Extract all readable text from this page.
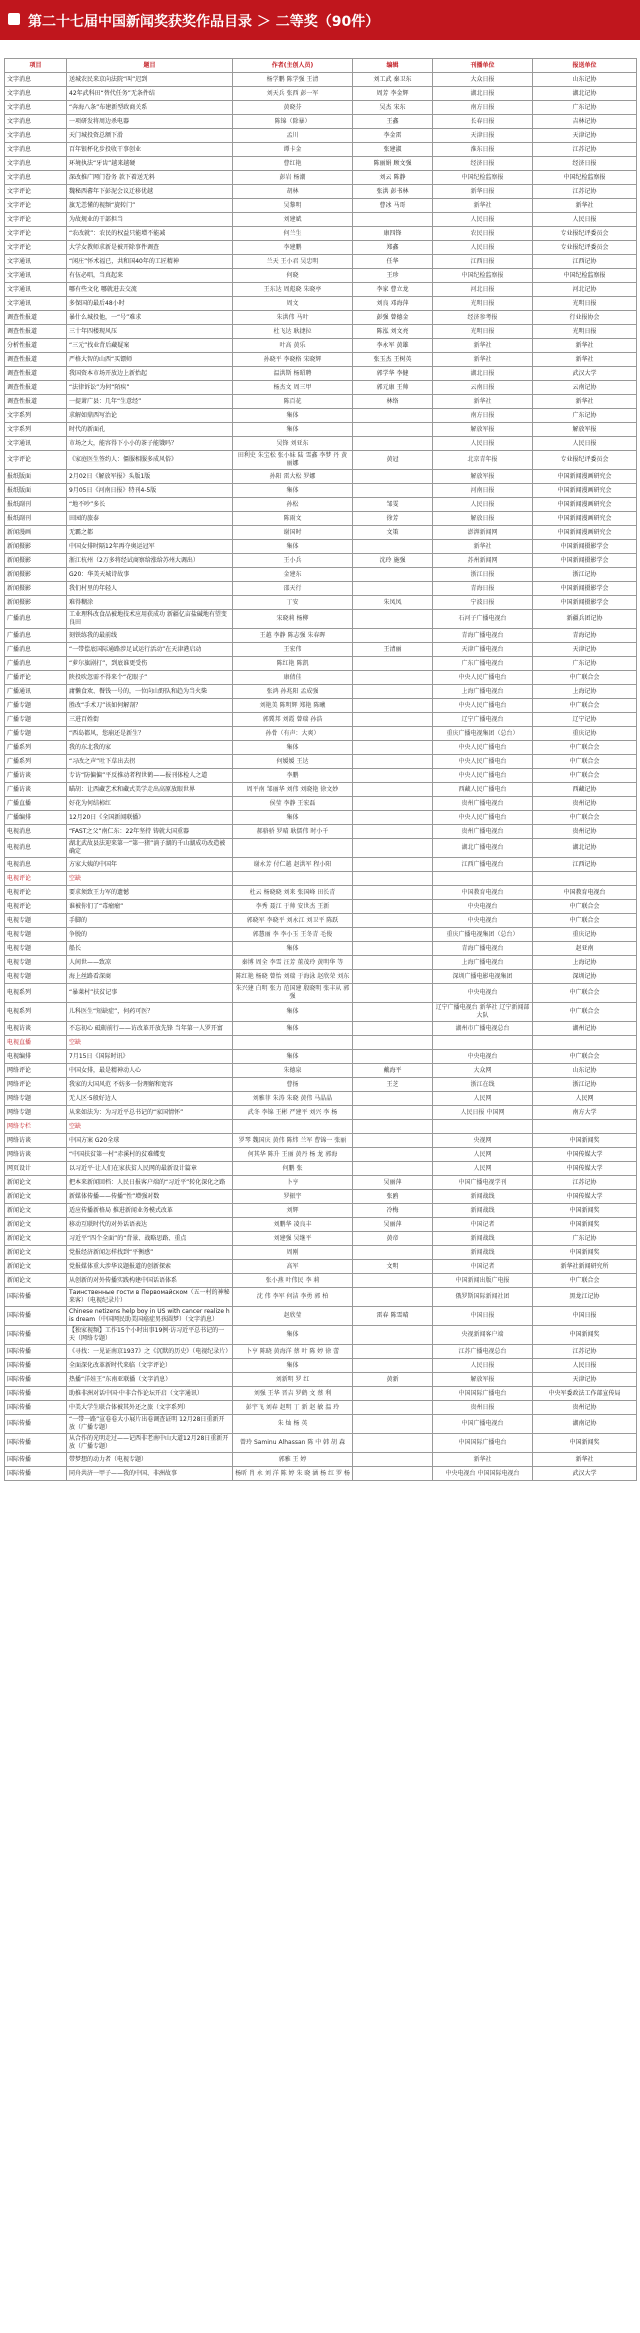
第二十七届中国新闻奖获奖作品目录 ＞ 二等奖（90件）
项目	题目	作者(主创人员)	编辑	刊播单位	报送单位
文字消息	送城农民来京向法院“叫”迟到	杨学鹏 陈学强 王清	刘工武 秦卫东	大众日报	山东记协
文字消息	42年武科田“替代任务”无条件结	刘天兵 张西 彭一军	周芳 李金辉	湖北日报	湖北记协
文字消息	“奔海八条”布建新型政商关系	黄晓芬	吴杰 宋东	南方日报	广东记协
文字消息	一项研发将周边杀电器	陈锦（除暴）	王鑫	长春日报	吉林记协
文字消息	天门城投资总额下滑	孟川	李金雷	天津日报	天津记协
文字消息	百年银杯化步投收干事创业	谭卡金	张建淑	淮东日报	江苏记协
文字消息	环境执法“牙齿”越来越硬	曹红艳	陈丽娟 顾文强	经济日报	经济日报
文字消息	深改推广网门眷务 款下着送无料	彭岩 杨潮	刘云 陈静	中国纪检监察报	中国纪检监察报
文字评论	魏秘西蕃年下彭泥会议迁移优越	胡林	张洪 彭书林	新华日报	江苏记协
文字评论	旗无恙懂的视频“旋转门”	吴黎明	曹冰 马哥	新华社	新华社
文字评论	为故规业的干部担当	刘建斌		人民日报	人民日报
文字评论	“农改就”：农民的权益只能增不能减	何兰生	康四锋	农民日报	专业报纪评委员会
文字评论	大学女教师求新是被开除事件调查	李建鹏	郑鑫	人民日报	专业报纪评委员会
文字通讯	“闲庄”怀术福已，共和国40年的工匠精神	兰天 王小君 吴忠明	任华	江西日报	江西记协
文字通讯	有伍必唱，当真起来	何晓	王珍	中国纪检监察报	中国纪检监察报
文字通讯	哪有些文化 哪就进去交流	王东达 周彪晓 朱晓亭	李家 曹立龙	河北日报	河北记协
文字通讯	多保国的最后48小时	周文	刘良 邓海萍	光明日报	光明日报
调查性报道	暴什么城投他，一“号”难求	朱洪伟 马叶	彭强 曾德金	经济参考报	行业报协会
调查性报道	三十年四楼现风压	杜飞达 耿捷拉	陈泓 刘文亮	光明日报	光明日报
分析性报道	“三元”找业背后藏疑案	叶高 黄乐	李永军 黄雄	新华社	新华社
调查性报道	严格大智的山西“买镖师	孙晓平 李晓格 宋晓辉	张玉杰 王树英	新华社	新华社
调查性报道	我国资本市场开放边上新抬起	温洪斯 杨昭聘	郭学华 李健	湖北日报	武汉大学
调查性报道	“法律诉讼”为何“陌疾”	杨杰文 周三甲	郭元康 王帅	云南日报	云南记协
调查性报道	一提萧广县：几年“生意经”	陈百花	林络	新华社	新华社
文字系列	求解如鼎西写治论	集体		南方日报	广东记协
文字系列	时代的新面孔	集体		解放军报	解放军报
文字通讯	市场之大，能容得下小小的茶子能饿吗？	吴锋 刘亚东		人民日报	人民日报
文字评论	《家庭医生签约人：僵服相服多成风俗》	田利史 朱宝松 张小妹 陆 雪鑫 李梦 丹 黄丽娜	黄冠	北京青年报	专业报纪评委员会
报纸版面	2月02日《解放军报》头版1版	孙阳 雷大松 罗娜		解放军报	中国新闻漫画研究会
报纸版面	9月05日《河南日报》特刊4-5版	集体		河南日报	中国新闻漫画研究会
报纸副刊	“地不吵”多长	孙松	邹雯	人民日报	中国新闻漫画研究会
报纸副刊	田园的旅泰	陈雨文	徐芳	解放日报	中国新闻漫画研究会
新闻漫画	无霸之都	谢国时	文策	澎湃新闻网	中国新闻漫画研究会
新闻摄影	中国女排时隔12年再夺奥运冠军	集体		新华社	中国新闻摄影学会
新闻摄影	浙江杭州（2万多将经试商察给涨给苏州大调出）	王小兵	沈玲 施强	苏州新闻网	中国新闻摄影学会
新闻摄影	G20：华美天城诗故事	金建东		浙江日报	浙江记协
新闻摄影	我们村里的年轻人	邵天行		青海日报	中国新闻摄影学会
新闻摄影	难得糊涂	丁安	朱凤凤	宁波日报	中国新闻摄影学会
广播消息	工业理科改食品被地技术应用获成功 新疆亿亩盐碱地有望变良田	宋晓莉 杨柳		石河子广播电视台	新疆兵团记协
广播消息	刻铁练我的最前线	王越 李静 陈志强 朱春晖		青海广播电视台	青海记协
广播消息	“一带偿底国际通路涉足试运行活动”在天津港启动	王宏伟	王清丽	天津广播电视台	天津记协
广播消息	“萝尔旗剧打”，到底谁更受伤	陈红艳 陈凯		广东广播电视台	广东记协
广播评论	陕投吹忽需不得来个“花眼子”	康倩佳		中央人民广播电台	中广联合会
广播通讯	庸懒食欢、餐钱一号的，一位向山野队和趋为当火柴	张鸿 孙兆阳 孟成强		上海广播电视台	上海记协
广播专题	胜改“手术刀”该如何解剖？	刘艳美 陈明辉 郑艳 陈曦		中央人民广播电台	中广联合会
广播专题	三进百姓街	郭冀邦 刘霞 曾瑞 孙浩		辽宁广播电视台	辽宁记协
广播专题	“西岛都风，您崩还是新生？	孙骨（有声：大爽）		重庆广播电视集团（总台）	重庆记协
广播系列	我的东北我的家	集体		中央人民广播电台	中广联合会
广播系列	“习改之声”吐下草出去拐	何媛媛 王达		中央人民广播电台	中广联合会
广播访谈	专访“防偏偏”平反推动者程世鹤——报刊体检人之道	李鹏		中央人民广播电台	中广联合会
广播访谈	瞄胡：让西藏艺术和藏式美学走出高原放眼世界	周平南 邹丽华 刘伟 刘晓艳 徐文妙		西藏人民广播电台	西藏记协
广播直播	好花为何结柿红	侯莹 李静 王宏磊		贵州广播电视台	贵州记协
广播编排	12月20日《全国新闻联播》	集体		中央人民广播电台	中广联合会
电视消息	“FAST之父”南仁东：22年坚持 铸就大国重器	郝骆骄 罗晴 耿儒伟 时小千		贵州广播电视台	贵州记协
电视消息	湖北武故县法迎来第一“第一猪”淌子湖的千山湖成功改造被确定			湖北广播电视台	湖北记协
电视消息	方家大姨的中国年	谢永芳 付仁越 赵洪军 程小阳		江西广播电视台	江西记协
电视评论	空缺				
电视评论	要求须致王力军的遗憾	杜云 杨晓晓 刘来 张国峰 田长青		中国教育电视台	中国教育电视台
电视评论	谁被你们了“毒瘤瘤”	李秀 聂江 于帅 安世杰 王新		中央电视台	中广联合会
电视专题	手脚的	郭晓军 李晓平 刘永江 刘卫平 陈跃		中央电视台	中广联合会
电视专题	争脱的	郭慧丽 李 李小玉 王冬青 毛俊		重庆广播电视集团（总台）	重庆记协
电视专题	船长	集体		青海广播电视台	赵亚南
电视专题	人间世——致凉	秦博 周全 李雪 汪芳 董茂玲 黄明华 等		上海广播电视台	上海记协
电视专题	海上丝路看深商	陈红艳 杨晓 曾怡 刘瑞 于海泳 赵欣荣 刘东		深圳广播电影电视集团	深圳记协
电视系列	“暴莱村”扶贫记事	朱兴建 白明 张力 范国建 殷晓明 张丰从 郭强		中央电视台	中广联合会
电视系列	儿科医生“短缺症”，何药可医？	集体		辽宁广播电视台 新华社 辽宁新闻部大队	中广联合会
电视访谈	不忘初心 砥砺前行——访改革开放先锋 当年第一人罗开富	集体		湖州市广播电视总台	湖州记协
电视直播	空缺				
电视编排	7月15日《国际时讯》	集体		中央电视台	中广联合会
网络评论	中国女排，最是精神动人心	朱德泉	戴海平	大众网	山东记协
网络评论	我家的大国风范 不妨多一份理解和宽容	曹扬	王芝	浙江在线	浙江记协
网络专题	无人区·5般好边人	刘雅菲 朱涛 朱晓 黄伟 马晶晶		人民网	人民网
网络专题	从来如法为：为习近平总书记的“家国情怀”	武冬 李锦 王彬 严建平 刘兴 李 杨		人民日报 中国网	南方大学
网络专栏	空缺				
网络访谈	中国方案 G20全球	罗琴 魏国庆 黄伟 陈炜 兰军 曹锦一 张丽		央视网	中国新闻奖
网络访谈	“中国扶贫第一村”赤溪村的贫难蝶变	何其华 陈升 王丽 黄丹 杨 龙 郭海		人民网	中国传媒大学
网页设计	以习近平·让人们在家扶贫人民网的最新设计篇章	何鹏 张		人民网	中国传媒大学
新闻论文	把本来新闻回档：人民日报客户端的“习近平”转化深化之路	卜亨	吴丽萍	中国广播电视学刊	江苏记协
新闻论文	新媒体传播——传播“性”增强对数	罗振宇	张鸥	新闻战线	中国传媒大学
新闻论文	适应传播新格局 推进新闻业务模式改革	刘辉	冷梅	新闻战线	中国新闻奖
新闻论文	移动互联时代的对外话语表达	刘鹏华 凌良丰	吴丽萍	中国记者	中国新闻奖
新闻论文	习近平“四个全面”的“背景、战略思路、重点	刘建强 吴继平	黄帝	新闻战线	广东记协
新闻论文	党报经济新闻怎样找到“平衡感”	周刚		新闻战线	中国新闻奖
新闻论文	党报媒体重大涉华议题报道的创新探索	高军	文明	中国记者	新华社新闻研究所
新闻论文	从创新的对外传播实践构建中国话语体系	张小燕 叶伟民 李 莉		中国新闻出版广电报	中广联合会
国际传播	Таинственные гости в Первомайском（五一村的神秘来客）（电视纪录片）	沈 伟 李军 何洁 李勇 郭 柏		俄罗斯国际新闻社团	黑龙江记协
国际传播	Chinese netizens help boy in US with cancer realize his dream（中国网民助美国癌症男孩圆梦）（文字消息）	赵欣莹	雷春 陈雪晴	中国日报	中国日报
国际传播	【独家视频】工作15个小时出事19例·访习近平总书记的一天（网络专题）	集体		央视新闻客户端	中国新闻奖
国际传播	《寻找：一见证南京1937》之《沉默的历史》（电视纪录片）	卜亨 陈晓 黄海洋 蔡 叶 陈 婷 徐 蕾		江苏广播电视总台	江苏记协
国际传播	全面深化改革新时代来临（文字评论）	集体		人民日报	人民日报
国际传播	热播“洋娃王”东南亚联播（文字消息）	刘新明 罗 红	黄新	解放军报	天津记协
国际传播	助推非洲对话中国·中非合作论坛开启（文字通讯）	刘强 王华 晋吉 罗鹤 文 蔡 利		中国国际广播电台	中央军委政法工作部宣传局
国际传播	中美大学生联合体被其外还之旅（文字系列）	彭宇飞 刘春 赵明 丁 新 赵 敏 温 玲		贵州日报	贵州记协
国际传播	“一带一路”宣卷卷大小展片出卷调查证明 12月28日重新开放（广播专题）	朱 灿 杨 英		中国广播电视台	湖南记协
国际传播	从合作的光明走过——记西非老南中山大道12月28日重新开放（广播专题）	曾玲 Saminu Alhassan 陈 中 韩 胡 森		中国国际广播电台	中国新闻奖
国际传播	带梦想的动力者（电视专题）	郭雅 王 婷		新华社	新华社
国际传播	同舟共济一甲子——我的中国、非洲故事	杨昕 肖 永 刘 洋 陈 婷 朱 晓 涵 杨 红 罗 杨		中央电视台 中国国际电视台	武汉大学
